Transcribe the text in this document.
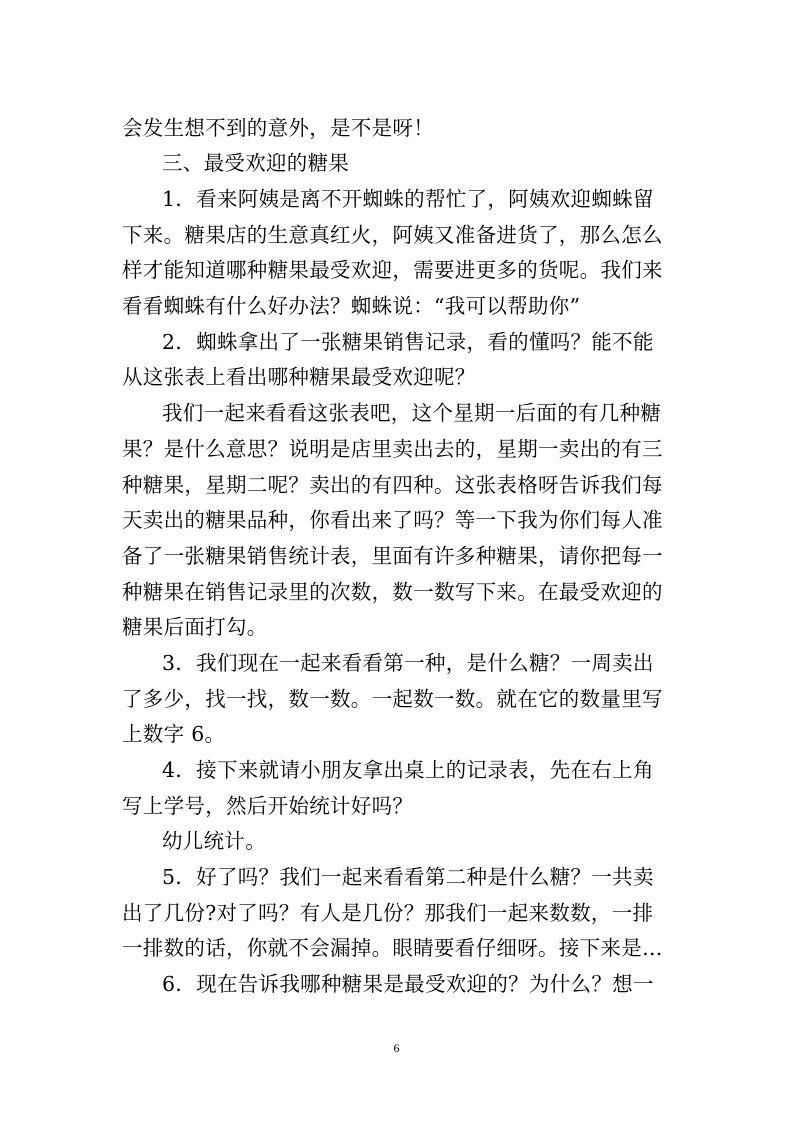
会发生想不到的意外，是不是呀！
三、最受欢迎的糖果
1．看来阿姨是离不开蜘蛛的帮忙了，阿姨欢迎蜘蛛留
下来。糖果店的生意真红火，阿姨又准备进货了，那么怎么
样才能知道哪种糖果最受欢迎，需要进更多的货呢。我们来
看看蜘蛛有什么好办法？蜘蛛说：“我可以帮助你”
2．蜘蛛拿出了一张糖果销售记录，看的懂吗？能不能
从这张表上看出哪种糖果最受欢迎呢？
我们一起来看看这张表吧，这个星期一后面的有几种糖
果？是什么意思？说明是店里卖出去的，星期一卖出的有三
种糖果，星期二呢？卖出的有四种。这张表格呀告诉我们每
天卖出的糖果品种，你看出来了吗？等一下我为你们每人准
备了一张糖果销售统计表，里面有许多种糖果，请你把每一
种糖果在销售记录里的次数，数一数写下来。在最受欢迎的
糖果后面打勾。
3．我们现在一起来看看第一种，是什么糖？一周卖出
了多少，找一找，数一数。一起数一数。就在它的数量里写
上数字 6。
4．接下来就请小朋友拿出桌上的记录表，先在右上角
写上学号，然后开始统计好吗？
幼儿统计。
5．好了吗？我们一起来看看第二种是什么糖？一共卖
出了几份?对了吗？有人是几份？那我们一起来数数，一排
一排数的话，你就不会漏掉。眼睛要看仔细呀。接下来是…
6．现在告诉我哪种糖果是最受欢迎的？为什么？想一
6
